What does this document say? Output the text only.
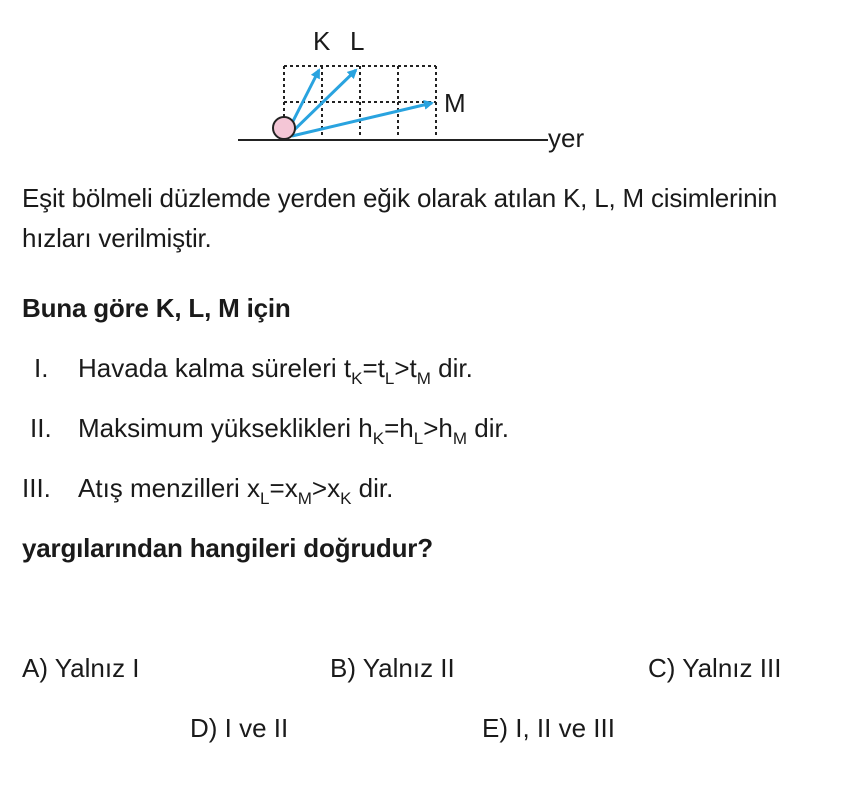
K L
M
yer
Eşit bölmeli düzlemde yerden eğik olarak atılan K, L, M cisimlerinin hızları verilmiştir.
Buna göre K, L, M için
I. Havada kalma süreleri $t_K=t_L>t_M$ dir.
II. Maksimum yükseklikleri $h_K=h_L>h_M$ dir.
III. Atış menzilleri $x_L=x_M>x_K$ dir.
yargılarından hangileri doğrudur?
A) Yalnız I	B) Yalnız II	C) Yalnız III
D) I ve II	E) I, II ve III
